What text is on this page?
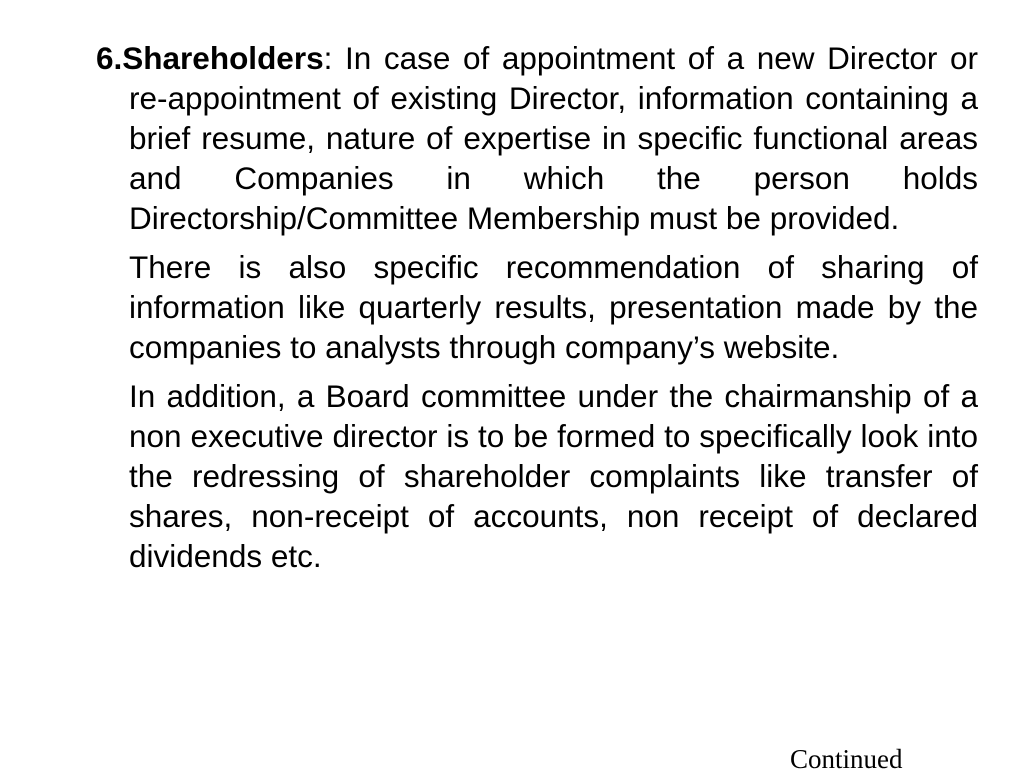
6.Shareholders: In case of appointment of a new Director or re-appointment of existing Director, information containing a brief resume, nature of expertise in specific functional areas and Companies in which the person holds Directorship/Committee Membership must be provided.

There is also specific recommendation of sharing of information like quarterly results, presentation made by the companies to analysts through company’s website.

In addition, a Board committee under the chairmanship of a non executive director is to be formed to specifically look into the redressing of shareholder complaints like transfer of shares, non-receipt of accounts, non receipt of declared dividends etc.

Continued
